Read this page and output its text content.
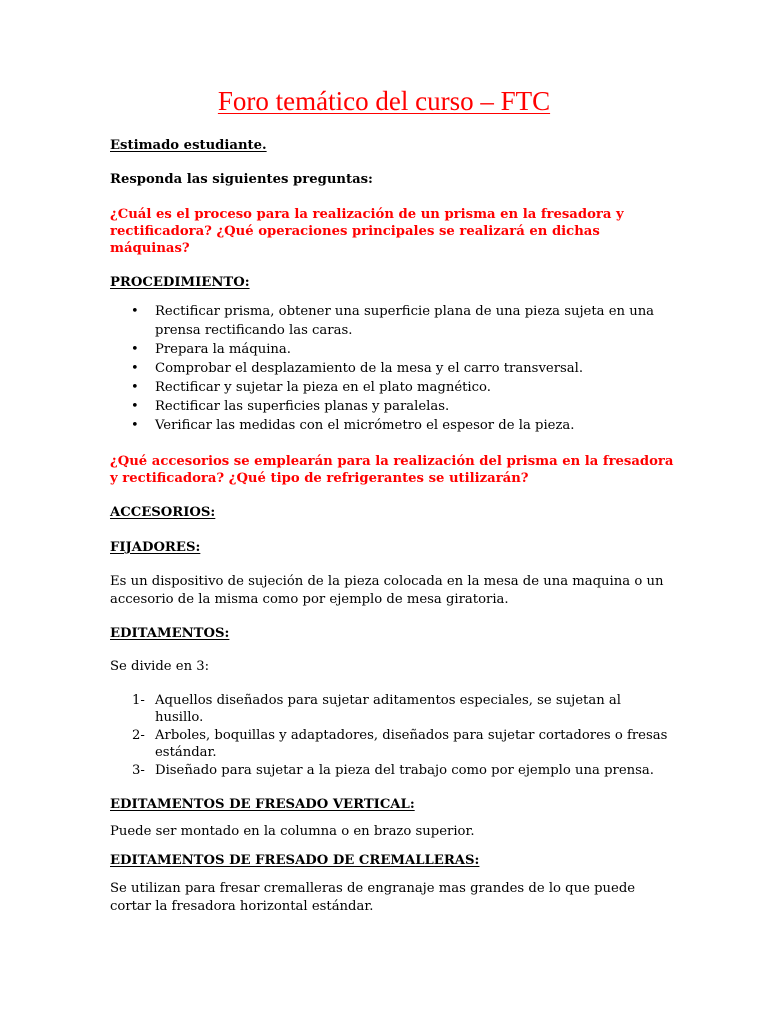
Foro temático del curso – FTC

Estimado estudiante.

Responda las siguientes preguntas:

¿Cuál es el proceso para la realización de un prisma en la fresadora y

rectificadora? ¿Qué operaciones principales se realizará en dichas

máquinas?

PROCEDIMIENTO:

• Rectificar prisma, obtener una superficie plana de una pieza sujeta en una

prensa rectificando las caras.

• Prepara la máquina.

• Comprobar el desplazamiento de la mesa y el carro transversal.

• Rectificar y sujetar la pieza en el plato magnético.

• Rectificar las superficies planas y paralelas.

• Verificar las medidas con el micrómetro el espesor de la pieza.

¿Qué accesorios se emplearán para la realización del prisma en la fresadora

y rectificadora? ¿Qué tipo de refrigerantes se utilizarán?

ACCESORIOS:

FIJADORES:

Es un dispositivo de sujeción de la pieza colocada en la mesa de una maquina o un

accesorio de la misma como por ejemplo de mesa giratoria.

EDITAMENTOS:

Se divide en 3:

1- Aquellos diseñados para sujetar aditamentos especiales, se sujetan al

husillo.

2- Arboles, boquillas y adaptadores, diseñados para sujetar cortadores o fresas

estándar.

3- Diseñado para sujetar a la pieza del trabajo como por ejemplo una prensa.

EDITAMENTOS DE FRESADO VERTICAL:

Puede ser montado en la columna o en brazo superior.

EDITAMENTOS DE FRESADO DE CREMALLERAS:

Se utilizan para fresar cremalleras de engranaje mas grandes de lo que puede

cortar la fresadora horizontal estándar.
